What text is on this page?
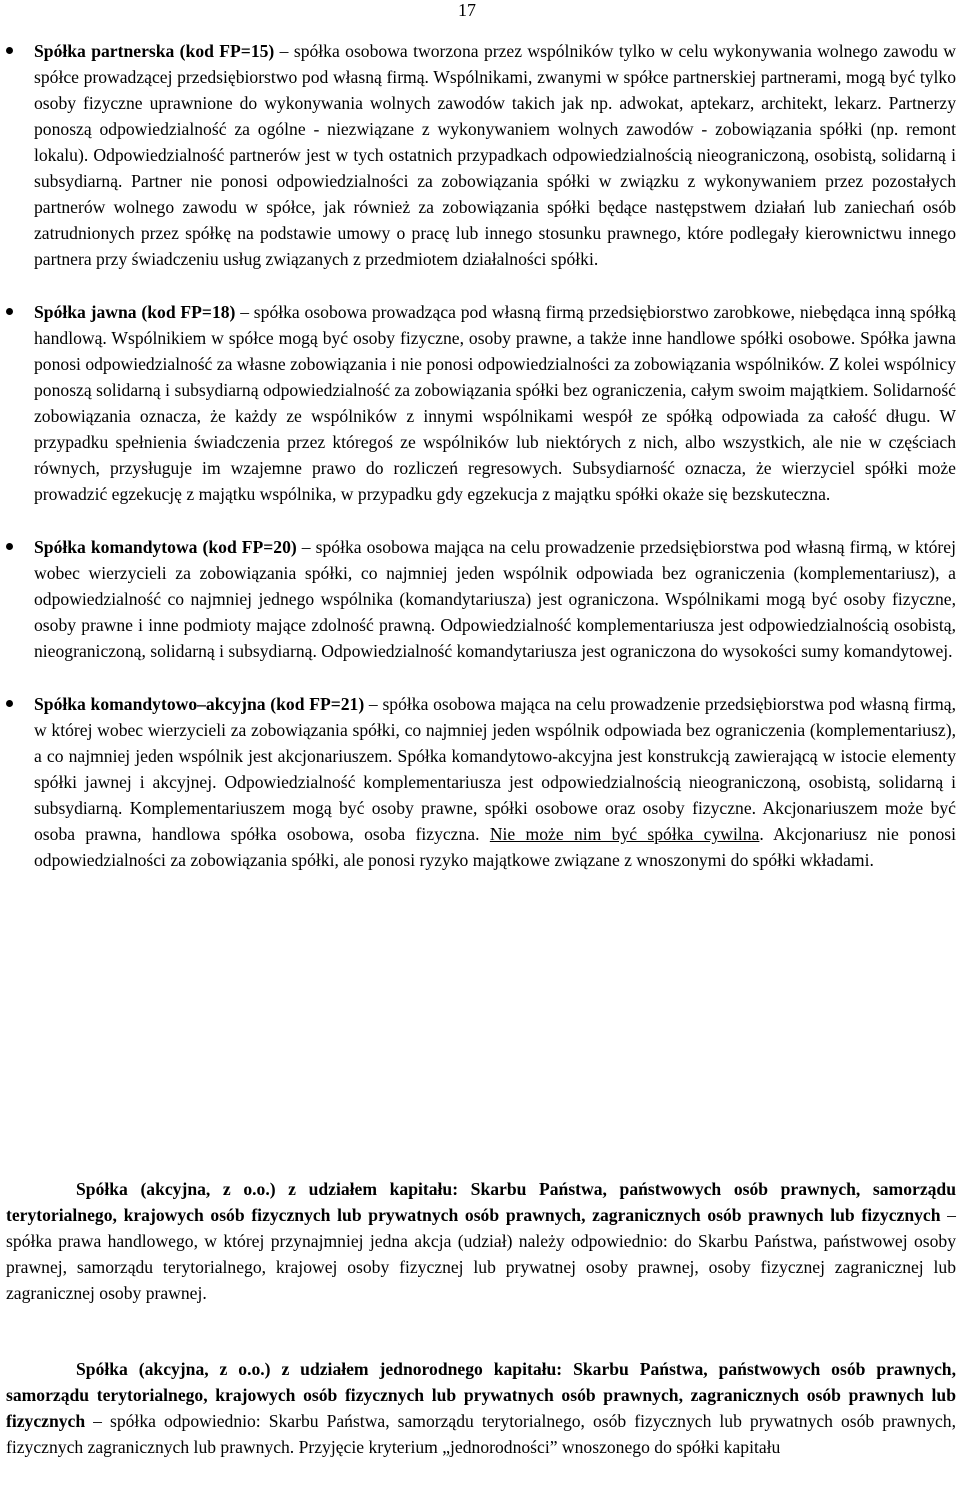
17

Spółka partnerska (kod FP=15) – spółka osobowa tworzona przez wspólników tylko w celu wykonywania wolnego zawodu w spółce prowadzącej przedsiębiorstwo pod własną firmą. Wspólnikami, zwanymi w spółce partnerskiej partnerami, mogą być tylko osoby fizyczne uprawnione do wykonywania wolnych zawodów takich jak np. adwokat, aptekarz, architekt, lekarz. Partnerzy ponoszą odpowiedzialność za ogólne - niezwiązane z wykonywaniem wolnych zawodów - zobowiązania spółki (np. remont lokalu). Odpowiedzialność partnerów jest w tych ostatnich przypadkach odpowiedzialnością nieograniczoną, osobistą, solidarną i subsydiarną. Partner nie ponosi odpowiedzialności za zobowiązania spółki w związku z wykonywaniem przez pozostałych partnerów wolnego zawodu w spółce, jak również za zobowiązania spółki będące następstwem działań lub zaniechań osób zatrudnionych przez spółkę na podstawie umowy o pracę lub innego stosunku prawnego, które podlegały kierownictwu innego partnera przy świadczeniu usług związanych z przedmiotem działalności spółki.

Spółka jawna (kod FP=18) – spółka osobowa prowadząca pod własną firmą przedsiębiorstwo zarobkowe, niebędąca inną spółką handlową. Wspólnikiem w spółce mogą być osoby fizyczne, osoby prawne, a także inne handlowe spółki osobowe. Spółka jawna ponosi odpowiedzialność za własne zobowiązania i nie ponosi odpowiedzialności za zobowiązania wspólników. Z kolei wspólnicy ponoszą solidarną i subsydiarną odpowiedzialność za zobowiązania spółki bez ograniczenia, całym swoim majątkiem. Solidarność zobowiązania oznacza, że każdy ze wspólników z innymi wspólnikami wespół ze spółką odpowiada za całość długu. W przypadku spełnienia świadczenia przez któregoś ze wspólników lub niektórych z nich, albo wszystkich, ale nie w częściach równych, przysługuje im wzajemne prawo do rozliczeń regresowych. Subsydiarność oznacza, że wierzyciel spółki może prowadzić egzekucję z majątku wspólnika, w przypadku gdy egzekucja z majątku spółki okaże się bezskuteczna.

Spółka komandytowa (kod FP=20) – spółka osobowa mająca na celu prowadzenie przedsiębiorstwa pod własną firmą, w której wobec wierzycieli za zobowiązania spółki, co najmniej jeden wspólnik odpowiada bez ograniczenia (komplementariusz), a odpowiedzialność co najmniej jednego wspólnika (komandytariusza) jest ograniczona. Wspólnikami mogą być osoby fizyczne, osoby prawne i inne podmioty mające zdolność prawną. Odpowiedzialność komplementariusza jest odpowiedzialnością osobistą, nieograniczoną, solidarną i subsydiarną. Odpowiedzialność komandytariusza jest ograniczona do wysokości sumy komandytowej.

Spółka komandytowo–akcyjna (kod FP=21) – spółka osobowa mająca na celu prowadzenie przedsiębiorstwa pod własną firmą, w której wobec wierzycieli za zobowiązania spółki, co najmniej jeden wspólnik odpowiada bez ograniczenia (komplementariusz), a co najmniej jeden wspólnik jest akcjonariuszem. Spółka komandytowo-akcyjna jest konstrukcją zawierającą w istocie elementy spółki jawnej i akcyjnej. Odpowiedzialność komplementariusza jest odpowiedzialnością nieograniczoną, osobistą, solidarną i subsydiarną. Komplementariuszem mogą być osoby prawne, spółki osobowe oraz osoby fizyczne. Akcjonariuszem może być osoba prawna, handlowa spółka osobowa, osoba fizyczna. Nie może nim być spółka cywilna. Akcjonariusz nie ponosi odpowiedzialności za zobowiązania spółki, ale ponosi ryzyko majątkowe związane z wnoszonymi do spółki wkładami.

Spółka (akcyjna, z o.o.) z udziałem kapitału: Skarbu Państwa, państwowych osób prawnych, samorządu terytorialnego, krajowych osób fizycznych lub prywatnych osób prawnych, zagranicznych osób prawnych lub fizycznych – spółka prawa handlowego, w której przynajmniej jedna akcja (udział) należy odpowiednio: do Skarbu Państwa, państwowej osoby prawnej, samorządu terytorialnego, krajowej osoby fizycznej lub prywatnej osoby prawnej, osoby fizycznej zagranicznej lub zagranicznej osoby prawnej.

Spółka (akcyjna, z o.o.) z udziałem jednorodnego kapitału: Skarbu Państwa, państwowych osób prawnych, samorządu terytorialnego, krajowych osób fizycznych lub prywatnych osób prawnych, zagranicznych osób prawnych lub fizycznych – spółka odpowiednio: Skarbu Państwa, samorządu terytorialnego, osób fizycznych lub prywatnych osób prawnych, fizycznych zagranicznych lub prawnych. Przyjęcie kryterium „jednorodności” wnoszonego do spółki kapitału
